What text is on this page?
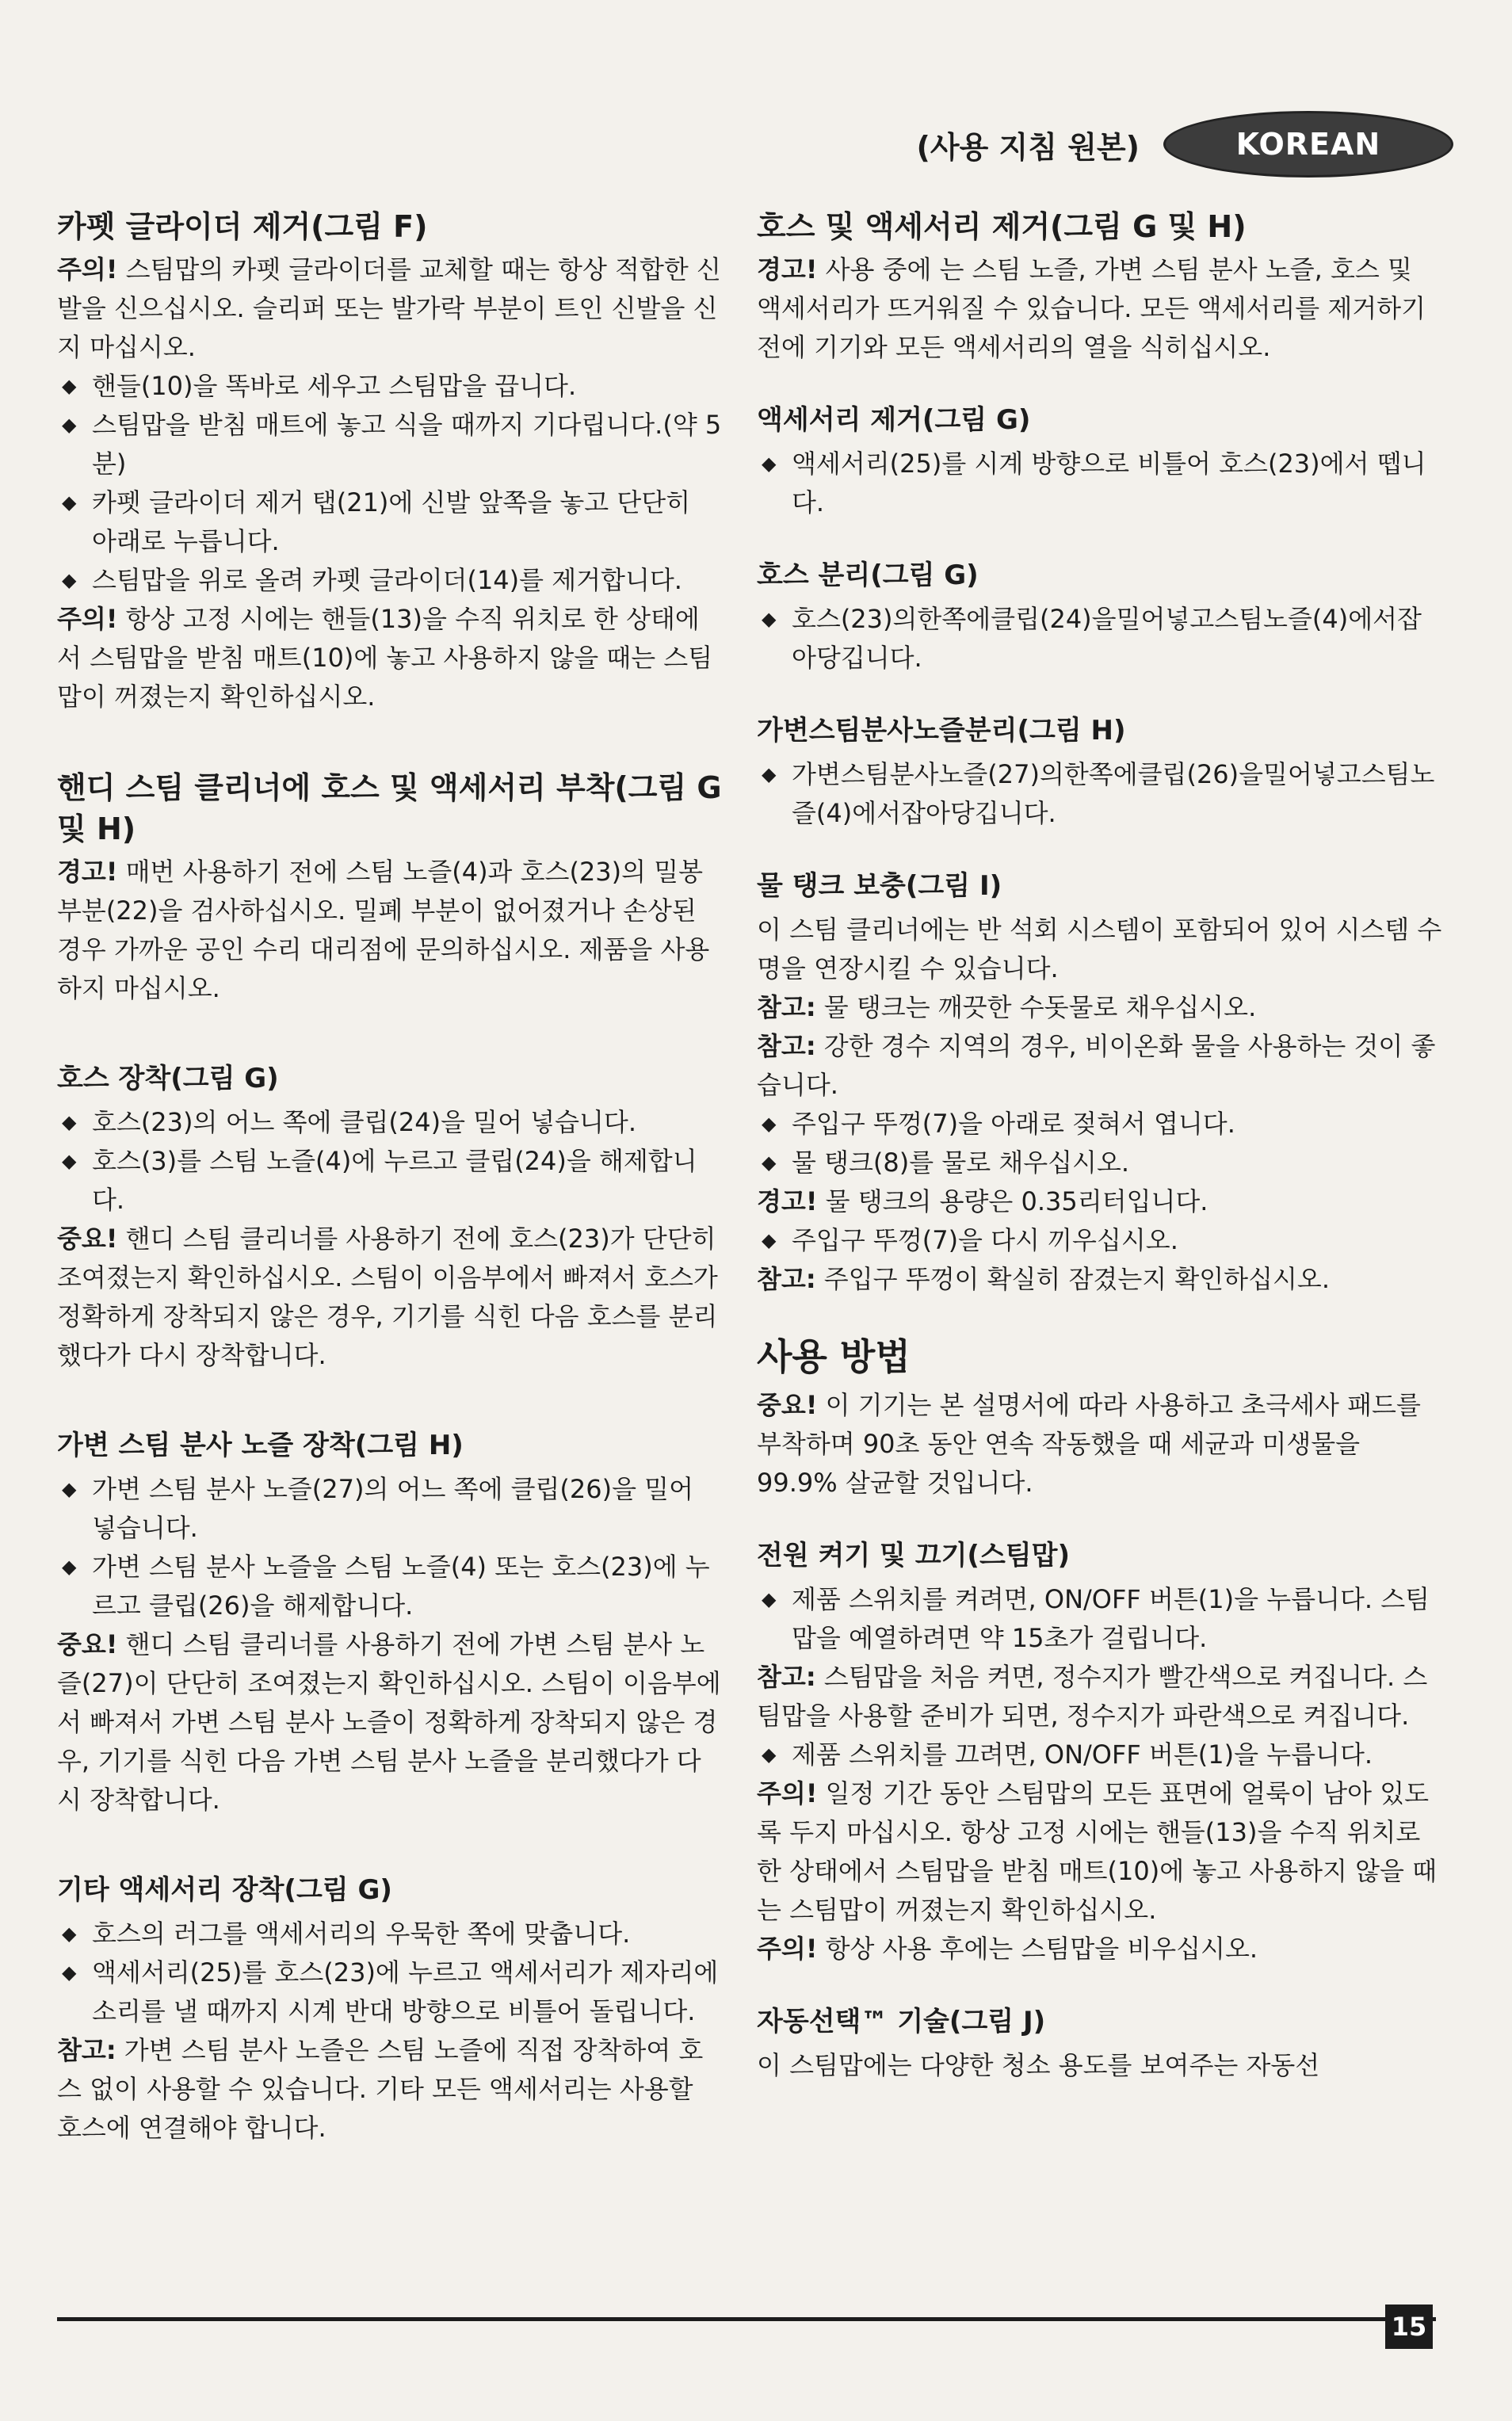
(사용 지침 원본)	KOREAN
카펫 글라이더 제거(그림 F)

주의! 스팀맙의 카펫 글라이더를 교체할 때는 항상 적합한 신발을 신으십시오. 슬리퍼 또는 발가락 부분이 트인 신발을 신지 마십시오.

◆ 핸들(10)을 똑바로 세우고 스팀맙을 끕니다.
◆ 스팀맙을 받침 매트에 놓고 식을 때까지 기다립니다.(약 5분)
◆ 카펫 글라이더 제거 탭(21)에 신발 앞쪽을 놓고 단단히 아래로 누릅니다.
◆ 스팀맙을 위로 올려 카펫 글라이더(14)를 제거합니다.

주의! 항상 고정 시에는 핸들(13)을 수직 위치로 한 상태에서 스팀맙을 받침 매트(10)에 놓고 사용하지 않을 때는 스팀맙이 꺼졌는지 확인하십시오.

핸디 스팀 클리너에 호스 및 액세서리 부착(그림 G 및 H)

경고! 매번 사용하기 전에 스팀 노즐(4)과 호스(23)의 밀봉 부분(22)을 검사하십시오. 밀폐 부분이 없어졌거나 손상된 경우 가까운 공인 수리 대리점에 문의하십시오. 제품을 사용하지 마십시오.

호스 장착(그림 G)
◆ 호스(23)의 어느 쪽에 클립(24)을 밀어 넣습니다.
◆ 호스(3)를 스팀 노즐(4)에 누르고 클립(24)을 해제합니다.

중요! 핸디 스팀 클리너를 사용하기 전에 호스(23)가 단단히 조여졌는지 확인하십시오. 스팀이 이음부에서 빠져서 호스가 정확하게 장착되지 않은 경우, 기기를 식힌 다음 호스를 분리했다가 다시 장착합니다.

가변 스팀 분사 노즐 장착(그림 H)
◆ 가변 스팀 분사 노즐(27)의 어느 쪽에 클립(26)을 밀어 넣습니다.
◆ 가변 스팀 분사 노즐을 스팀 노즐(4) 또는 호스(23)에 누르고 클립(26)을 해제합니다.

중요! 핸디 스팀 클리너를 사용하기 전에 가변 스팀 분사 노즐(27)이 단단히 조여졌는지 확인하십시오. 스팀이 이음부에서 빠져서 가변 스팀 분사 노즐이 정확하게 장착되지 않은 경우, 기기를 식힌 다음 가변 스팀 분사 노즐을 분리했다가 다시 장착합니다.

기타 액세서리 장착(그림 G)
◆ 호스의 러그를 액세서리의 우묵한 쪽에 맞춥니다.
◆ 액세서리(25)를 호스(23)에 누르고 액세서리가 제자리에 소리를 낼 때까지 시계 반대 방향으로 비틀어 돌립니다.

참고: 가변 스팀 분사 노즐은 스팀 노즐에 직접 장착하여 호스 없이 사용할 수 있습니다. 기타 모든 액세서리는 사용할 호스에 연결해야 합니다.

호스 및 액세서리 제거(그림 G 및 H)

경고! 사용 중에 는 스팀 노즐, 가변 스팀 분사 노즐, 호스 및 액세서리가 뜨거워질 수 있습니다. 모든 액세서리를 제거하기 전에 기기와 모든 액세서리의 열을 식히십시오.

액세서리 제거(그림 G)
◆ 액세서리(25)를 시계 방향으로 비틀어 호스(23)에서 뗍니다.
호스 분리(그림 G)
◆ 호스(23)의한쪽에클립(24)을밀어넣고스팀노즐(4)에서잡아당깁니다.
가변스팀분사노즐분리(그림 H)
◆ 가변스팀분사노즐(27)의한쪽에클립(26)을밀어넣고스팀노즐(4)에서잡아당깁니다.
물 탱크 보충(그림 I)

이 스팀 클리너에는 반 석회 시스템이 포함되어 있어 시스템 수명을 연장시킬 수 있습니다.

참고: 물 탱크는 깨끗한 수돗물로 채우십시오.

참고: 강한 경수 지역의 경우, 비이온화 물을 사용하는 것이 좋습니다.

◆ 주입구 뚜껑(7)을 아래로 젖혀서 엽니다.
◆ 물 탱크(8)를 물로 채우십시오.

경고! 물 탱크의 용량은 0.35리터입니다.

◆ 주입구 뚜껑(7)을 다시 끼우십시오.

참고: 주입구 뚜껑이 확실히 잠겼는지 확인하십시오.

사용 방법

중요! 이 기기는 본 설명서에 따라 사용하고 초극세사 패드를 부착하며 90초 동안 연속 작동했을 때 세균과 미생물을 99.9% 살균할 것입니다.

전원 켜기 및 끄기(스팀맙)
◆ 제품 스위치를 켜려면, ON/OFF 버튼(1)을 누릅니다. 스팀맙을 예열하려면 약 15초가 걸립니다.

참고: 스팀맙을 처음 켜면, 정수지가 빨간색으로 켜집니다. 스팀맙을 사용할 준비가 되면, 정수지가 파란색으로 켜집니다.

◆ 제품 스위치를 끄려면, ON/OFF 버튼(1)을 누릅니다.

주의! 일정 기간 동안 스팀맙의 모든 표면에 얼룩이 남아 있도록 두지 마십시오. 항상 고정 시에는 핸들(13)을 수직 위치로 한 상태에서 스팀맙을 받침 매트(10)에 놓고 사용하지 않을 때는 스팀맙이 꺼졌는지 확인하십시오.

주의! 항상 사용 후에는 스팀맙을 비우십시오.

자동선택™ 기술(그림 J)

이 스팀맙에는 다양한 청소 용도를 보여주는 자동선

15
